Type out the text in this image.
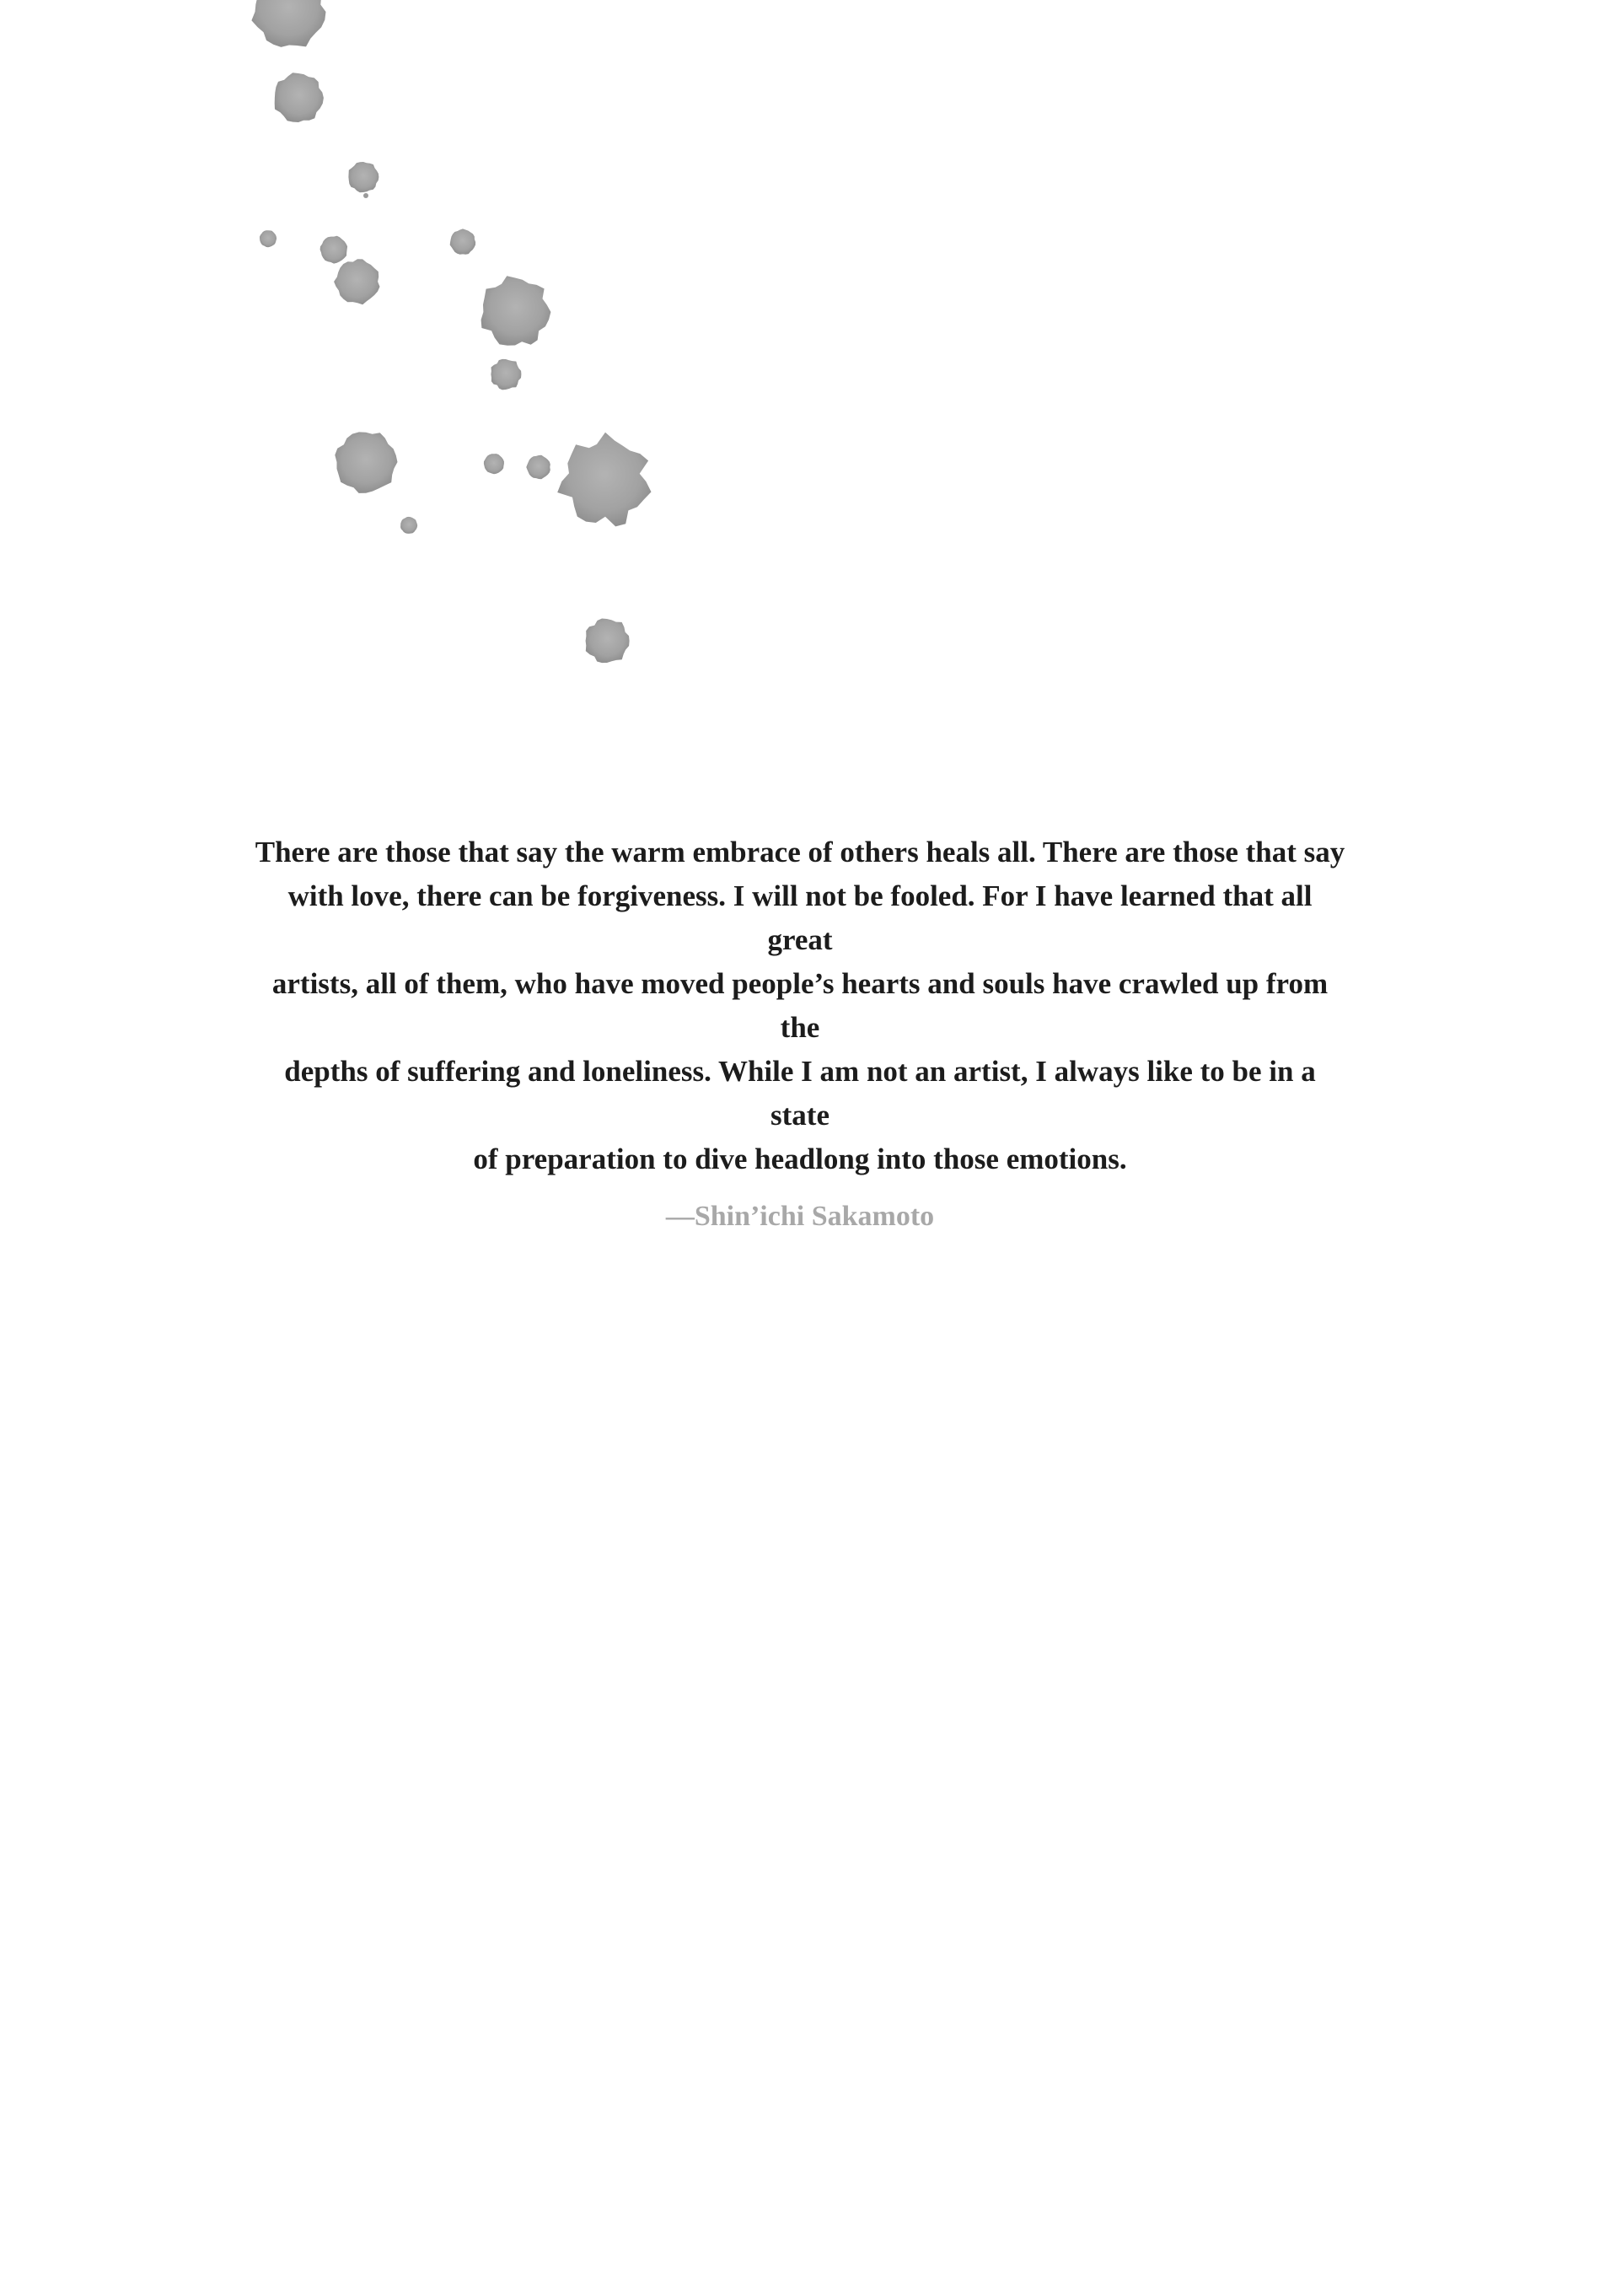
There are those that say the warm embrace of others heals all. There are those that say
with love, there can be forgiveness. I will not be fooled. For I have learned that all great
artists, all of them, who have moved people’s hearts and souls have crawled up from the
depths of suffering and loneliness. While I am not an artist, I always like to be in a state
of preparation to dive headlong into those emotions.

—Shin’ichi Sakamoto
